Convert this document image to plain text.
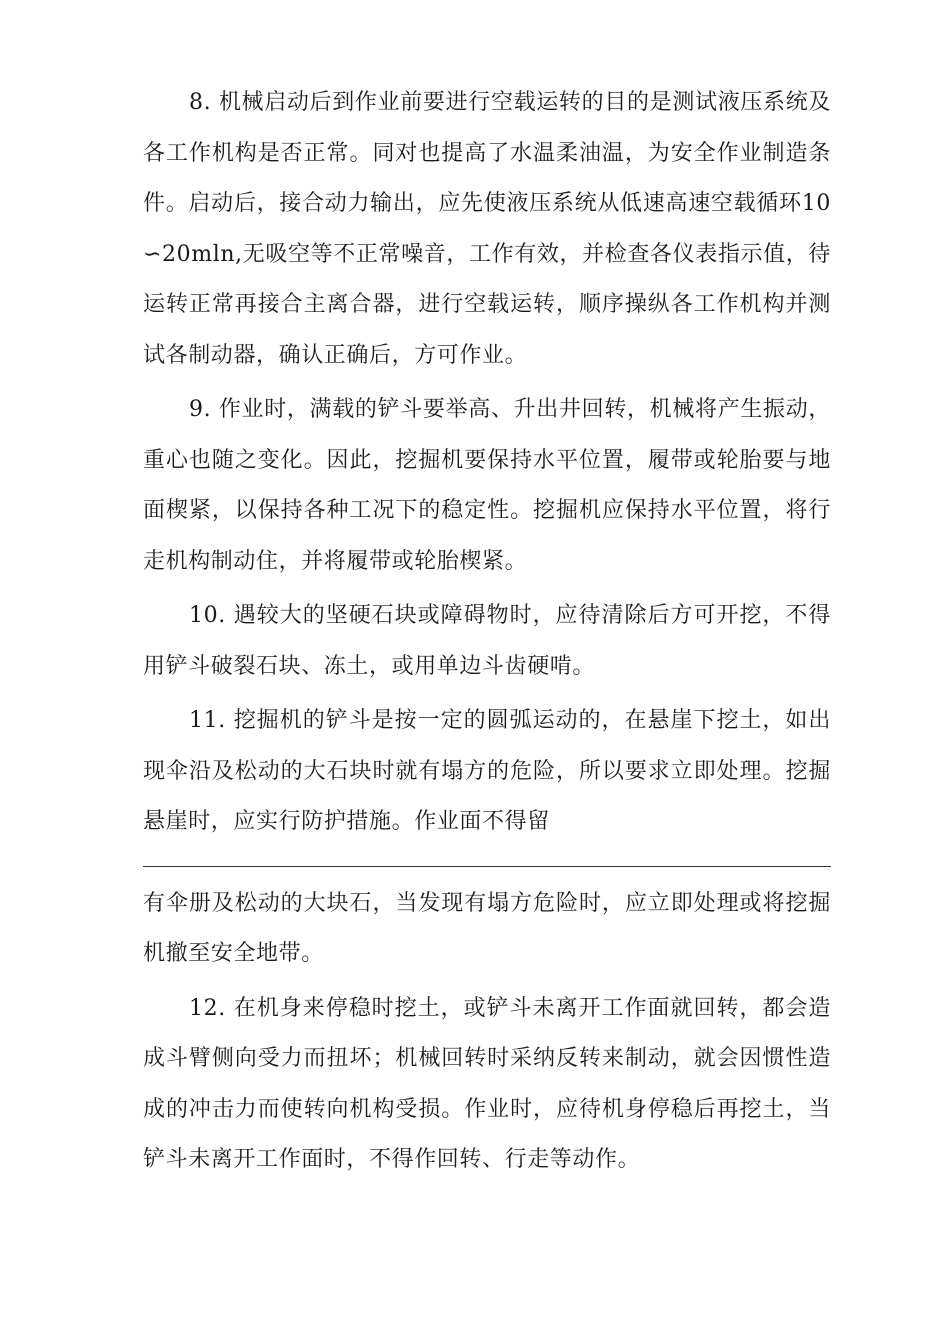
8. 机械启动后到作业前要进行空载运转的目的是测试液压系统及各工作机构是否正常。同对也提高了水温柔油温，为安全作业制造条件。启动后，接合动力输出，应先使液压系统从低速高速空载循环10∽20mln,无吸空等不正常噪音，工作有效，并检查各仪表指示值，待运转正常再接合主离合器，进行空载运转，顺序操纵各工作机构并测试各制动器，确认正确后，方可作业。

9. 作业时，满载的铲斗要举高、升出井回转，机械将产生振动，重心也随之变化。因此，挖掘机要保持水平位置，履带或轮胎要与地面楔紧，以保持各种工况下的稳定性。挖掘机应保持水平位置，将行走机构制动住，并将履带或轮胎楔紧。

10. 遇较大的坚硬石块或障碍物时，应待清除后方可开挖，不得用铲斗破裂石块、冻土，或用单边斗齿硬啃。

11. 挖掘机的铲斗是按一定的圆弧运动的，在悬崖下挖土，如出现伞沿及松动的大石块时就有塌方的危险，所以要求立即处理。挖掘悬崖时，应实行防护措施。作业面不得留

有伞册及松动的大块石，当发现有塌方危险时，应立即处理或将挖掘机撤至安全地带。

12. 在机身来停稳时挖土，或铲斗未离开工作面就回转，都会造成斗臂侧向受力而扭坏；机械回转时采纳反转来制动，就会因惯性造成的冲击力而使转向机构受损。作业时，应待机身停稳后再挖土，当铲斗未离开工作面时，不得作回转、行走等动作。
